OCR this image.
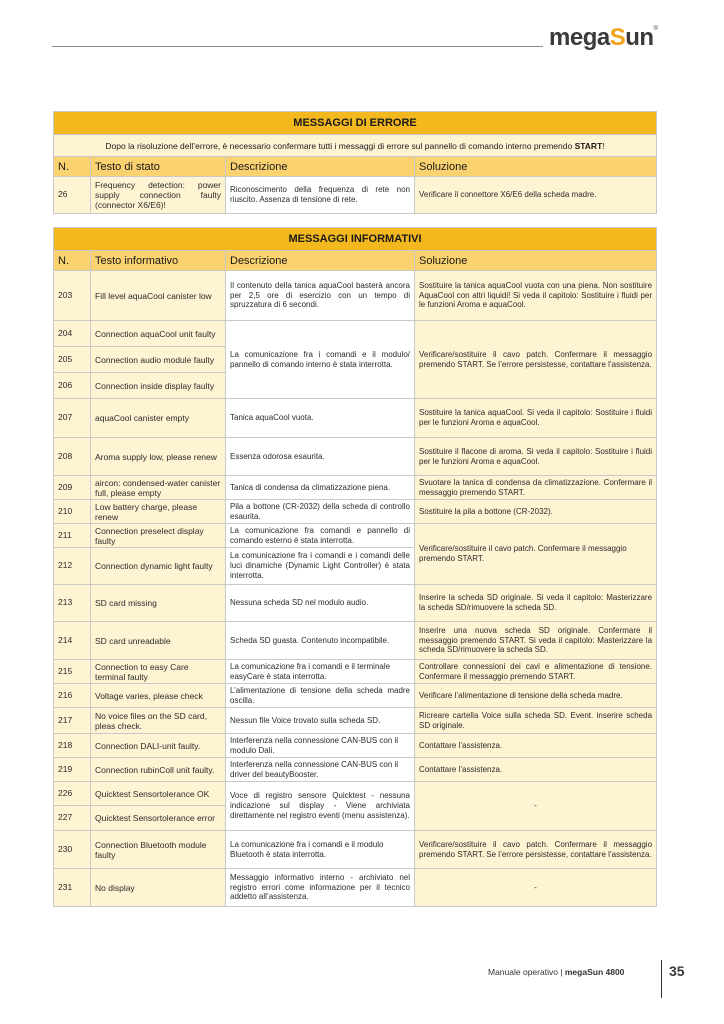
megaSun®
MESSAGGI DI ERRORE			
Dopo la risoluzione dell’errore, è necessario confermare tutti i messaggi di errore sul pannello di comando interno premendo START!			
N.	Testo di stato	Descrizione	Soluzione
26	Frequency detection: power supply connection faulty (connector X6/E6)!	Riconoscimento della frequenza di rete non riuscito. Assenza di tensione di rete.	Verificare il connettore X6/E6 della scheda madre.
MESSAGGI INFORMATIVI			
N.	Testo informativo	Descrizione	Soluzione
203	Fill level aquaCool canister low	Il contenuto della tanica aquaCool basterà ancora per 2,5 ore di esercizio con un tempo di spruzzatura di 6 secondi.	Sostituire la tanica aquaCool vuota con una piena. Non sostituire AquaCool con altri liquidi! Si veda il capitolo: Sostituire i fluidi per le funzioni Aroma e aquaCool.
204	Connection aquaCool unit faulty	La comunicazione fra i comandi e il modulo/ pannello di comando interno è stata interrotta.	Verificare/sostituire il cavo patch. Confermare il messaggio premendo START. Se l’errore persistesse, contattare l’assistenza.
205	Connection audio module faulty		
206	Connection inside display faulty		
207	aquaCool canister empty	Tanica aquaCool vuota.	Sostituire la tanica aquaCool. Si veda il capitolo: Sostituire i fluidi per le funzioni Aroma e aquaCool.
208	Aroma supply low, please renew	Essenza odorosa esaurita.	Sostituire il flacone di aroma. Si veda il capitolo: Sostituire i fluidi per le funzioni Aroma e aquaCool.
209	aircon: condensed-water canister full, please empty	Tanica di condensa da climatizzazione piena.	Svuotare la tanica di condensa da climatizzazione. Confermare il messaggio premendo START.
210	Low battery charge, please renew	Pila a bottone (CR-2032) della scheda di controllo esaurita.	Sostituire la pila a bottone (CR-2032).
211	Connection preselect display faulty	La comunicazione fra comandi e pannello di comando esterno è stata interrotta.	Verificare/sostituire il cavo patch. Confermare il messaggio premendo START.
212	Connection dynamic light faulty	La comunicazione fra i comandi e i comandi delle luci dinamiche (Dynamic Light Controller) è stata interrotta.	
213	SD card missing	Nessuna scheda SD nel modulo audio.	Inserire la scheda SD originale. Si veda il capitolo: Masterizzare la scheda SD/rimuovere la scheda SD.
214	SD card unreadable	Scheda SD guasta. Contenuto incompatibile.	Inserire una nuova scheda SD originale. Confermare il messaggio premendo START. Si veda il capitolo: Masterizzare la scheda SD/rimuovere la scheda SD.
215	Connection to easy Care terminal faulty	La comunicazione fra i comandi e il terminale easyCare è stata interrotta.	Controllare connessioni dei cavi e alimentazione di tensione. Confermare il messaggio premendo START.
216	Voltage varies, please check	L’alimentazione di tensione della scheda madre oscilla.	Verificare l’alimentazione di tensione della scheda madre.
217	No voice files on the SD card, pleas check.	Nessun file Voice trovato sulla scheda SD.	Ricreare cartella Voice sulla scheda SD. Event. inserire scheda SD originale.
218	Connection DALI-unit faulty.	Interferenza nella connessione CAN-BUS con il modulo Dali.	Contattare l’assistenza.
219	Connection rubinColl unit faulty.	Interferenza nella connessione CAN-BUS con il driver del beautyBooster.	Contattare l’assistenza.
226	Quicktest Sensortolerance OK	Voce di registro sensore Quicktest - nessuna indicazione sul display - Viene archiviata direttamente nel registro eventi (menu assistenza).	-
227	Quicktest Sensortolerance error		
230	Connection Bluetooth module faulty	La comunicazione fra i comandi e il modulo Bluetooth è stata interrotta.	Verificare/sostituire il cavo patch. Confermare il messaggio premendo START. Se l’errore persistesse, contattare l’assistenza.
231	No display	Messaggio informativo interno - archiviato nel registro errori come informazione per il tecnico addetto all’assistenza.	-
Manuale operativo | megaSun 4800	35
